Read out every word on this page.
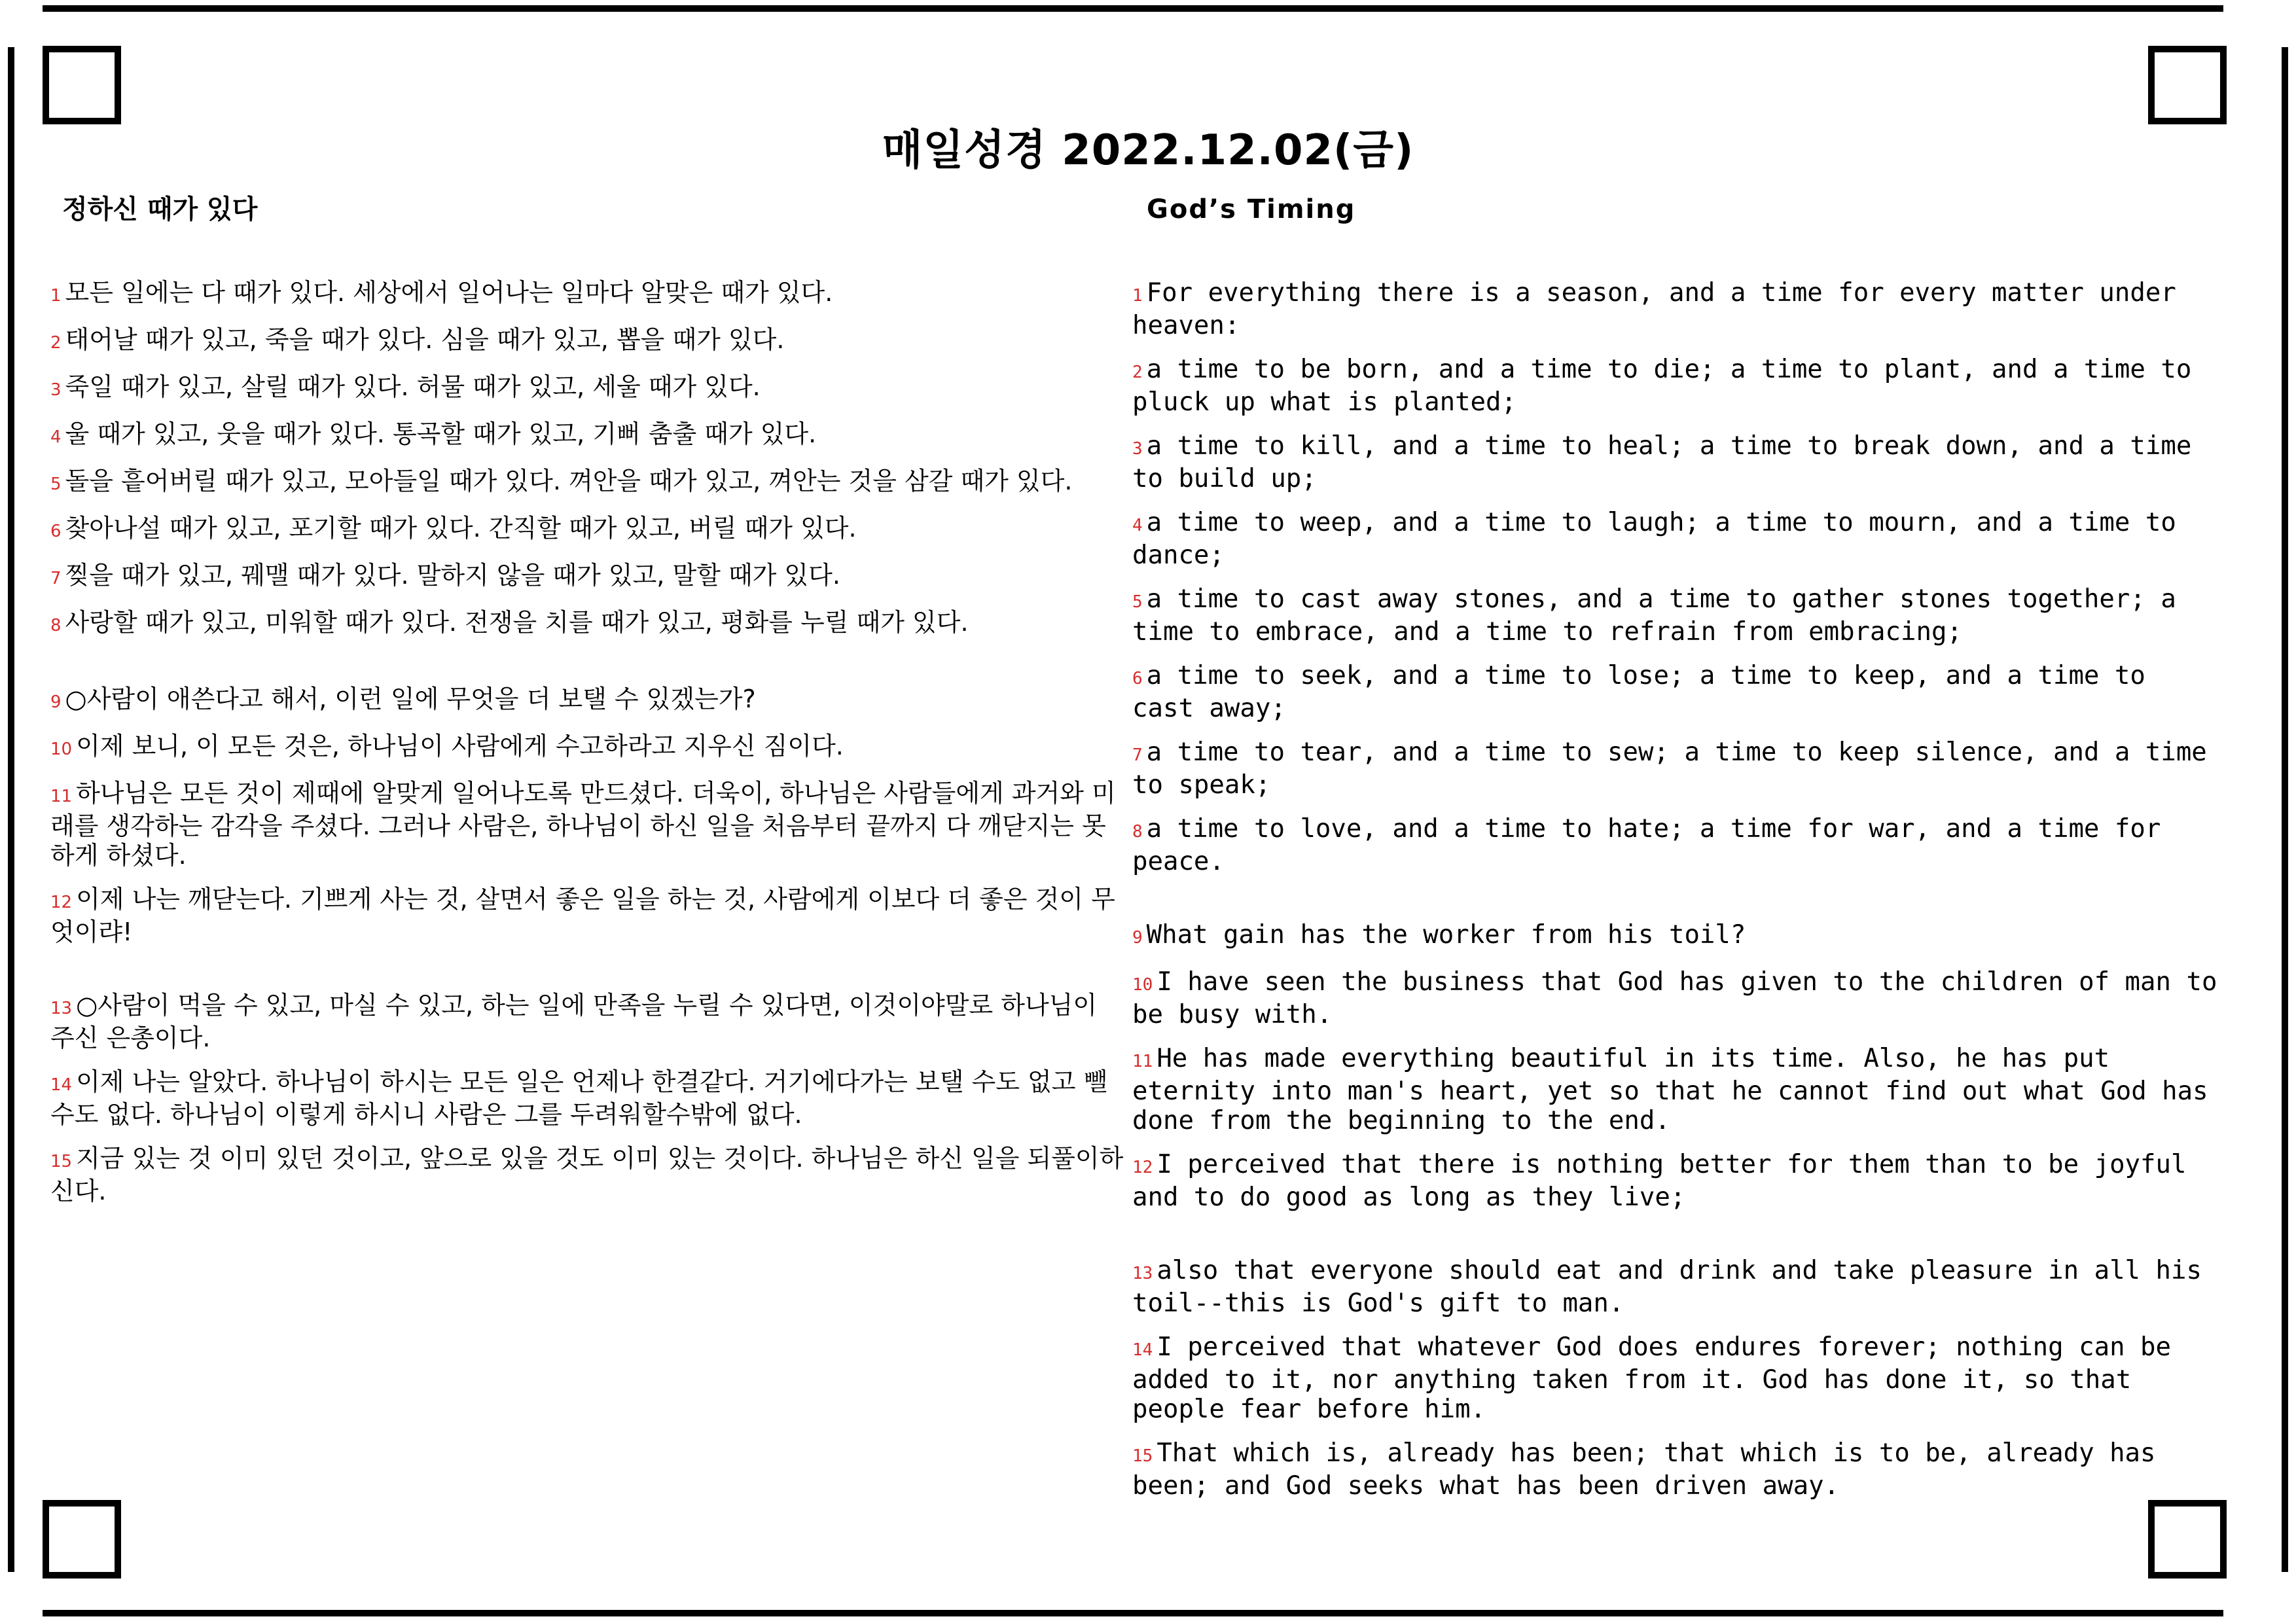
매일성경 2022.12.02(금)
정하신 때가 있다	God’s Timing
1 모든 일에는 다 때가 있다. 세상에서 일어나는 일마다 알맞은 때가 있다.
2 태어날 때가 있고, 죽을 때가 있다. 심을 때가 있고, 뽑을 때가 있다.
3 죽일 때가 있고, 살릴 때가 있다. 허물 때가 있고, 세울 때가 있다.
4 울 때가 있고, 웃을 때가 있다. 통곡할 때가 있고, 기뻐 춤출 때가 있다.
5 돌을 흩어버릴 때가 있고, 모아들일 때가 있다. 껴안을 때가 있고, 껴안는 것을 삼갈 때가 있다.
6 찾아나설 때가 있고, 포기할 때가 있다. 간직할 때가 있고, 버릴 때가 있다.
7 찢을 때가 있고, 꿰맬 때가 있다. 말하지 않을 때가 있고, 말할 때가 있다.
8 사랑할 때가 있고, 미워할 때가 있다. 전쟁을 치를 때가 있고, 평화를 누릴 때가 있다.
9 ○사람이 애쓴다고 해서, 이런 일에 무엇을 더 보탤 수 있겠는가?
10 이제 보니, 이 모든 것은, 하나님이 사람에게 수고하라고 지우신 짐이다.
11 하나님은 모든 것이 제때에 알맞게 일어나도록 만드셨다. 더욱이, 하나님은 사람들에게 과거와 미래를 생각하는 감각을 주셨다. 그러나 사람은, 하나님이 하신 일을 처음부터 끝까지 다 깨닫지는 못하게 하셨다.
12 이제 나는 깨닫는다. 기쁘게 사는 것, 살면서 좋은 일을 하는 것, 사람에게 이보다 더 좋은 것이 무엇이랴!
13 ○사람이 먹을 수 있고, 마실 수 있고, 하는 일에 만족을 누릴 수 있다면, 이것이야말로 하나님이 주신 은총이다.
14 이제 나는 알았다. 하나님이 하시는 모든 일은 언제나 한결같다. 거기에다가는 보탤 수도 없고 뺄 수도 없다. 하나님이 이렇게 하시니 사람은 그를 두려워할수밖에 없다.
15 지금 있는 것 이미 있던 것이고, 앞으로 있을 것도 이미 있는 것이다. 하나님은 하신 일을 되풀이하신다.
1 For everything there is a season, and a time for every matter under heaven:
2 a time to be born, and a time to die; a time to plant, and a time to pluck up what is planted;
3 a time to kill, and a time to heal; a time to break down, and a time to build up;
4 a time to weep, and a time to laugh; a time to mourn, and a time to dance;
5 a time to cast away stones, and a time to gather stones together; a time to embrace, and a time to refrain from embracing;
6 a time to seek, and a time to lose; a time to keep, and a time to cast away;
7 a time to tear, and a time to sew; a time to keep silence, and a time to speak;
8 a time to love, and a time to hate; a time for war, and a time for peace.
9 What gain has the worker from his toil?
10 I have seen the business that God has given to the children of man to be busy with.
11 He has made everything beautiful in its time. Also, he has put eternity into man's heart, yet so that he cannot find out what God has done from the beginning to the end.
12 I perceived that there is nothing better for them than to be joyful and to do good as long as they live;
13 also that everyone should eat and drink and take pleasure in all his toil--this is God's gift to man.
14 I perceived that whatever God does endures forever; nothing can be added to it, nor anything taken from it. God has done it, so that people fear before him.
15 That which is, already has been; that which is to be, already has been; and God seeks what has been driven away.
